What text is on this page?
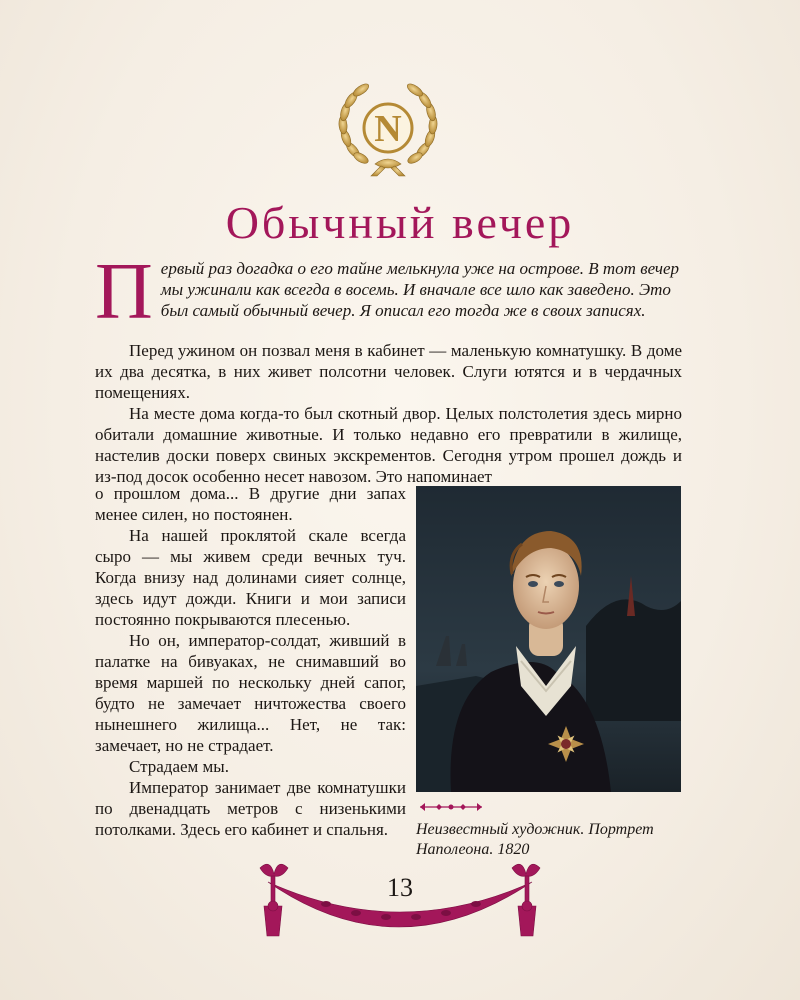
N
Обычный вечер

Первый раз догадка о его тайне мелькнула уже на острове. В тот вечер мы ужинали как всегда в восемь. И вначале все шло как заведено. Это был самый обычный вечер. Я описал его тогда же в своих записях.

Перед ужином он позвал меня в кабинет — маленькую комнатушку. В доме их два десятка, в них живет полсотни человек. Слуги ютятся и в чердачных помещениях.

На месте дома когда-то был скотный двор. Целых полстолетия здесь мирно обитали домашние животные. И только недавно его превратили в жилище, настелив доски поверх свиных экскрементов. Сегодня утром прошел дождь и из-под досок особенно несет навозом. Это напоминает

о прошлом дома... В другие дни запах менее силен, но постоянен.

На нашей проклятой скале всегда сыро — мы живем среди вечных туч. Когда внизу над долинами сияет солнце, здесь идут дожди. Книги и мои записи постоянно покрываются плесенью.

Но он, император-солдат, живший в палатке на бивуаках, не снимавший во время маршей по нескольку дней сапог, будто не замечает ничтожества своего нынешнего жилища... Нет, не так: замечает, но не страдает.

Страдаем мы.

Император занимает две комнатушки по двенадцать метров с низенькими потолками. Здесь его кабинет и спальня.	Неизвестный художник. Портрет Наполеона. 1820

13
